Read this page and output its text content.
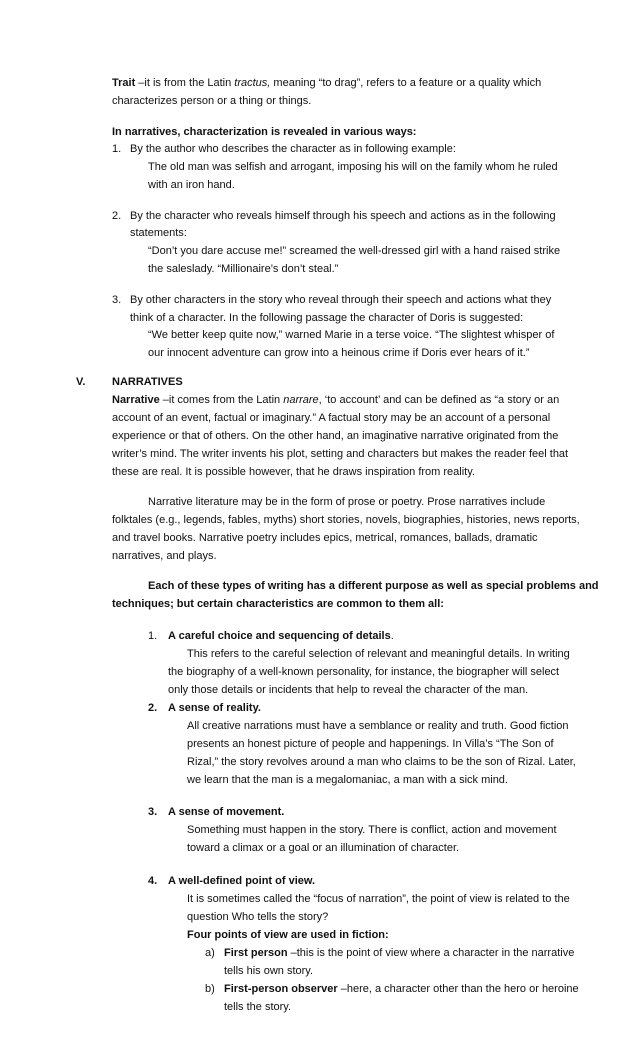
Trait –it is from the Latin tractus, meaning “to drag”, refers to a feature or a quality which

characterizes person or a thing or things.

In narratives, characterization is revealed in various ways:

1. By the author who describes the character as in following example:

The old man was selfish and arrogant, imposing his will on the family whom he ruled

with an iron hand.

2. By the character who reveals himself through his speech and actions as in the following

statements:

“Don’t you dare accuse me!” screamed the well-dressed girl with a hand raised strike

the saleslady. “Millionaire’s don’t steal.”

3. By other characters in the story who reveal through their speech and actions what they

think of a character. In the following passage the character of Doris is suggested:

“We better keep quite now,” warned Marie in a terse voice. “The slightest whisper of

our innocent adventure can grow into a heinous crime if Doris ever hears of it.”

V. NARRATIVES

Narrative –it comes from the Latin narrare, ‘to account’ and can be defined as “a story or an

account of an event, factual or imaginary.” A factual story may be an account of a personal

experience or that of others. On the other hand, an imaginative narrative originated from the

writer’s mind. The writer invents his plot, setting and characters but makes the reader feel that

these are real. It is possible however, that he draws inspiration from reality.

Narrative literature may be in the form of prose or poetry. Prose narratives include

folktales (e.g., legends, fables, myths) short stories, novels, biographies, histories, news reports,

and travel books. Narrative poetry includes epics, metrical, romances, ballads, dramatic

narratives, and plays.

Each of these types of writing has a different purpose as well as special problems and

techniques; but certain characteristics are common to them all:

1. A careful choice and sequencing of details.

This refers to the careful selection of relevant and meaningful details. In writing

the biography of a well-known personality, for instance, the biographer will select

only those details or incidents that help to reveal the character of the man.

2. A sense of reality.

All creative narrations must have a semblance or reality and truth. Good fiction

presents an honest picture of people and happenings. In Villa’s “The Son of

Rizal,” the story revolves around a man who claims to be the son of Rizal. Later,

we learn that the man is a megalomaniac, a man with a sick mind.

3. A sense of movement.

Something must happen in the story. There is conflict, action and movement

toward a climax or a goal or an illumination of character.

4. A well-defined point of view.

It is sometimes called the “focus of narration”, the point of view is related to the

question Who tells the story?

Four points of view are used in fiction:

a) First person –this is the point of view where a character in the narrative

tells his own story.

b) First-person observer –here, a character other than the hero or heroine

tells the story.
